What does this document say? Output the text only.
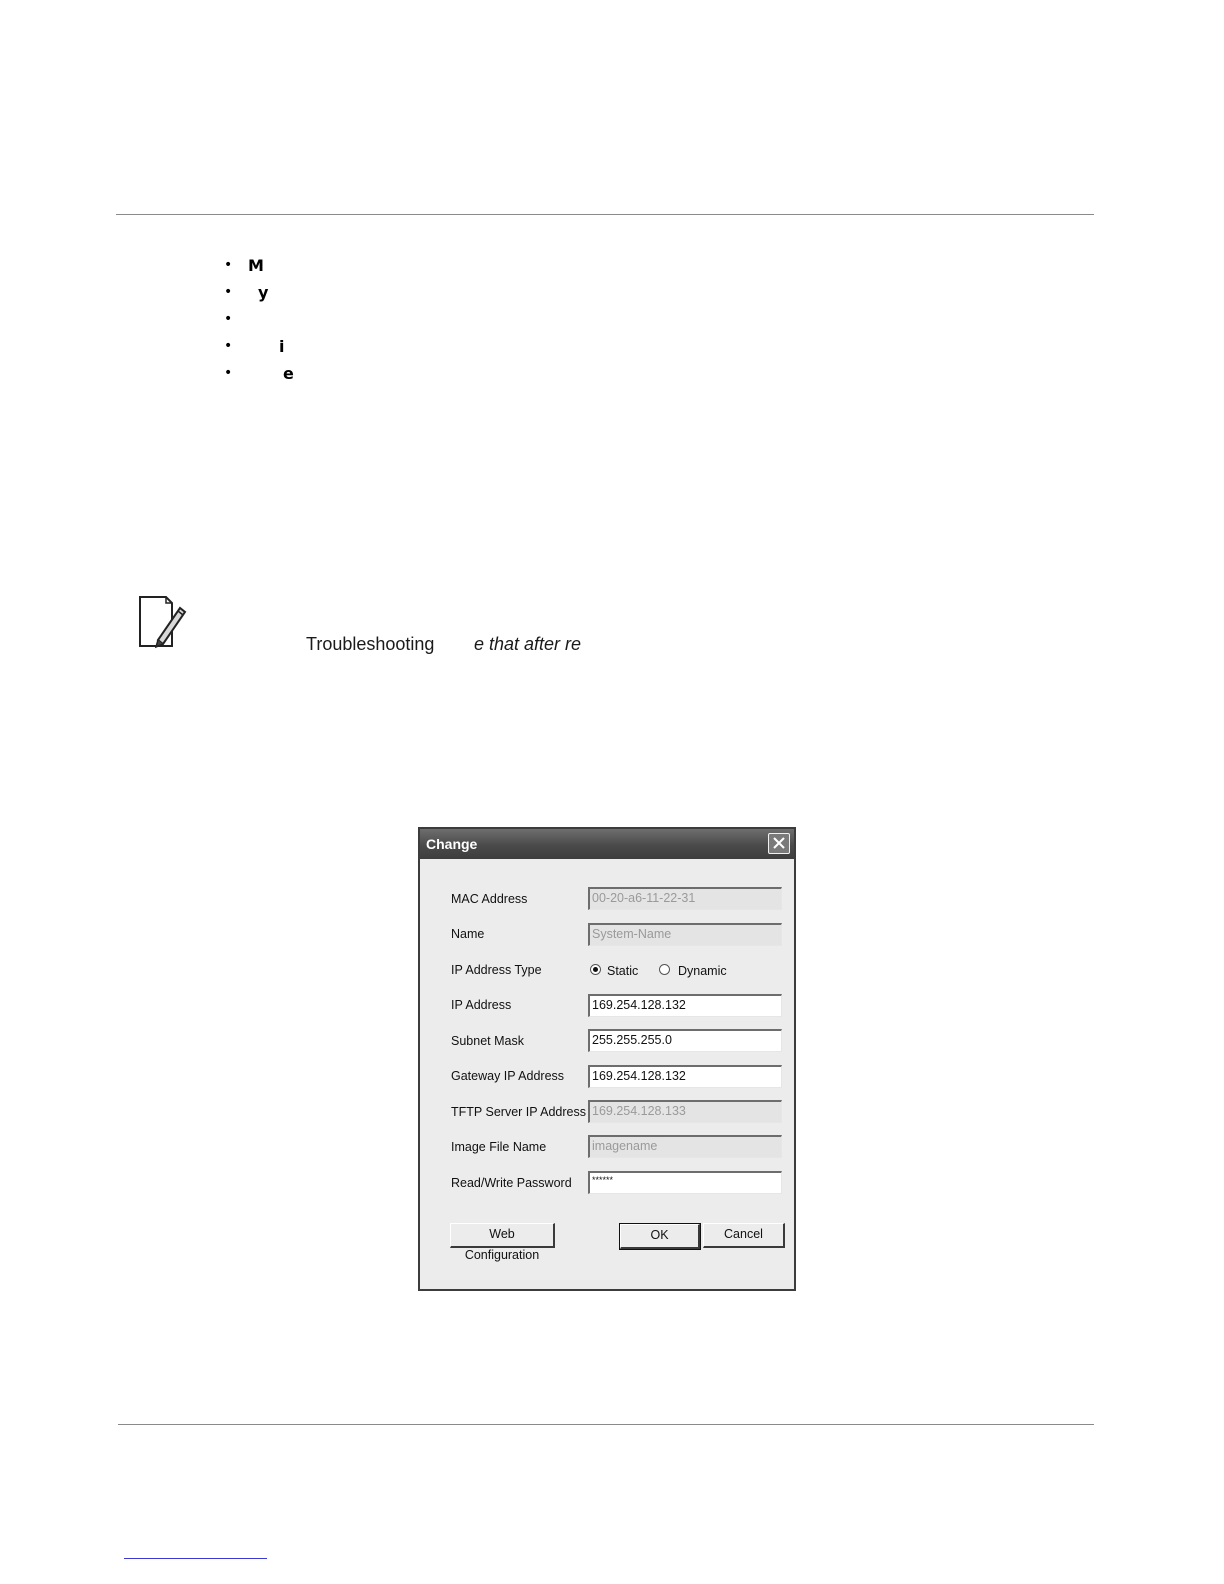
• M
• y
•
•	i
•	e
Troubleshooting e that after re
Change
MAC Address	00-20-a6-11-22-31
Name	System-Name
IP Address Type	Static	Dynamic
IP Address	169.254.128.132
Subnet Mask	255.255.255.0
Gateway IP Address	169.254.128.132
TFTP Server IP Address 169.254.128.133
Image File Name	imagename
Read/Write Password	******
Web Configuration
OK	Cancel
